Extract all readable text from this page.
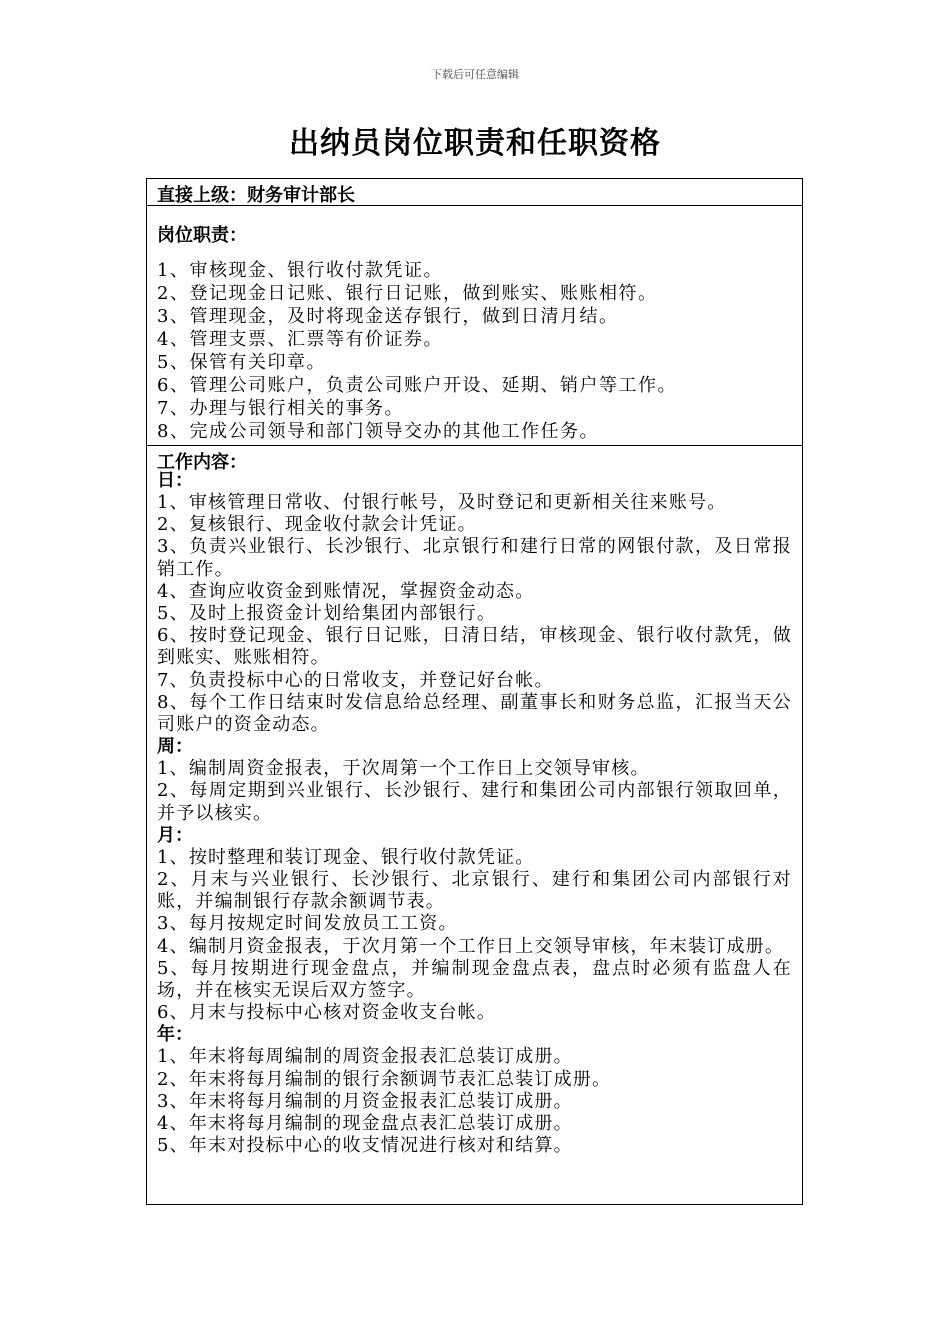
下载后可任意编辑
出纳员岗位职责和任职资格
直接上级：财务审计部长
岗位职责：
1、审核现金、银行收付款凭证。
2、登记现金日记账、银行日记账，做到账实、账账相符。
3、管理现金，及时将现金送存银行，做到日清月结。
4、管理支票、汇票等有价证券。
5、保管有关印章。
6、管理公司账户，负责公司账户开设、延期、销户等工作。
7、办理与银行相关的事务。
8、完成公司领导和部门领导交办的其他工作任务。
工作内容：
日：
1、审核管理日常收、付银行帐号，及时登记和更新相关往来账号。
2、复核银行、现金收付款会计凭证。
3、负责兴业银行、长沙银行、北京银行和建行日常的网银付款，及日常报销工作。
4、查询应收资金到账情况，掌握资金动态。
5、及时上报资金计划给集团内部银行。
6、按时登记现金、银行日记账，日清日结，审核现金、银行收付款凭，做到账实、账账相符。
7、负责投标中心的日常收支，并登记好台帐。
8、每个工作日结束时发信息给总经理、副董事长和财务总监，汇报当天公司账户的资金动态。
周：
1、编制周资金报表，于次周第一个工作日上交领导审核。
2、每周定期到兴业银行、长沙银行、建行和集团公司内部银行领取回单，并予以核实。
月：
1、按时整理和装订现金、银行收付款凭证。
2、月末与兴业银行、长沙银行、北京银行、建行和集团公司内部银行对账，并编制银行存款余额调节表。
3、每月按规定时间发放员工工资。
4、编制月资金报表，于次月第一个工作日上交领导审核，年末装订成册。
5、每月按期进行现金盘点，并编制现金盘点表，盘点时必须有监盘人在场，并在核实无误后双方签字。
6、月末与投标中心核对资金收支台帐。
年：
1、年末将每周编制的周资金报表汇总装订成册。
2、年末将每月编制的银行余额调节表汇总装订成册。
3、年末将每月编制的月资金报表汇总装订成册。
4、年末将每月编制的现金盘点表汇总装订成册。
5、年末对投标中心的收支情况进行核对和结算。
